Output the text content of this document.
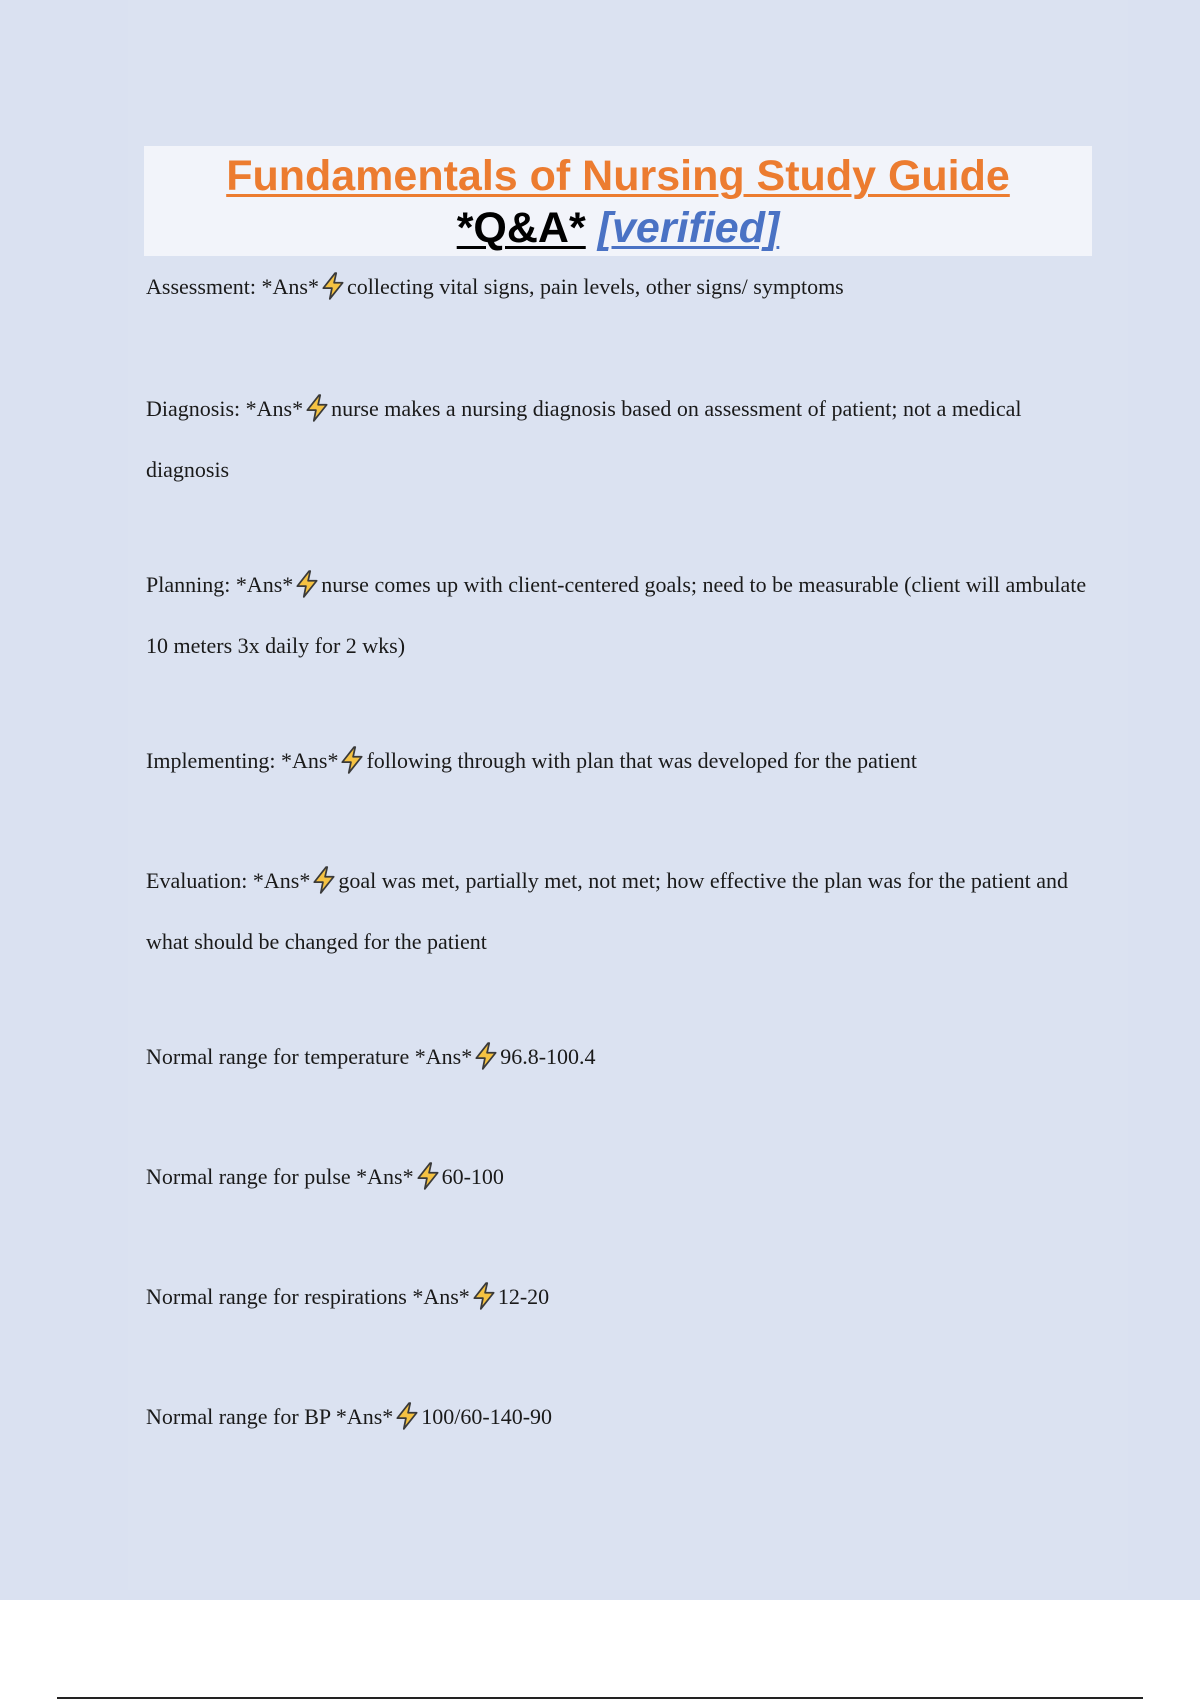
Fundamentals of Nursing Study Guide
*Q&A* [verified]

Assessment: *Ans* collecting vital signs, pain levels, other signs/ symptoms

Diagnosis: *Ans* nurse makes a nursing diagnosis based on assessment of patient; not a medical diagnosis

Planning: *Ans* nurse comes up with client-centered goals; need to be measurable (client will ambulate 10 meters 3x daily for 2 wks)

Implementing: *Ans* following through with plan that was developed for the patient

Evaluation: *Ans* goal was met, partially met, not met; how effective the plan was for the patient and what should be changed for the patient

Normal range for temperature *Ans* 96.8-100.4

Normal range for pulse *Ans* 60-100

Normal range for respirations *Ans* 12-20

Normal range for BP *Ans* 100/60-140-90
